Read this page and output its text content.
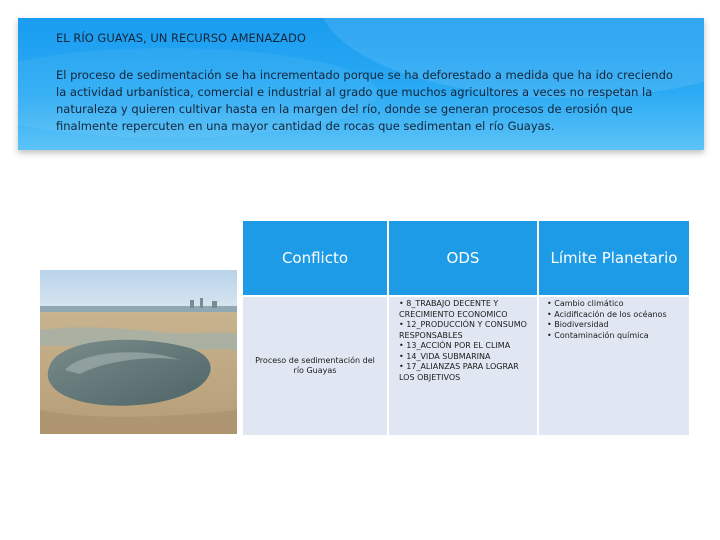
EL RÍO GUAYAS, UN RECURSO AMENAZADO
El proceso de sedimentación se ha incrementado porque se ha deforestado a medida que ha ido creciendo la actividad urbanística, comercial e industrial al grado que muchos agricultores a veces no respetan la naturaleza y quieren cultivar hasta en la margen del río, donde se generan procesos de erosión que finalmente repercuten en una mayor cantidad de rocas que sedimentan el río Guayas.
Conflicto	ODS	Límite Planetario
Proceso de sedimentación del río Guayas
• 8_TRABAJO DECENTE Y CRECIMIENTO ECONOMICO
• 12_PRODUCCIÓN Y CONSUMO RESPONSABLES
• 13_ACCIÓN POR EL CLIMA
• 14_VIDA SUBMARINA
• 17_ALIANZAS PARA LOGRAR LOS OBJETIVOS
• Cambio climático
• Acidificación de los océanos
• Biodiversidad
• Contaminación química
